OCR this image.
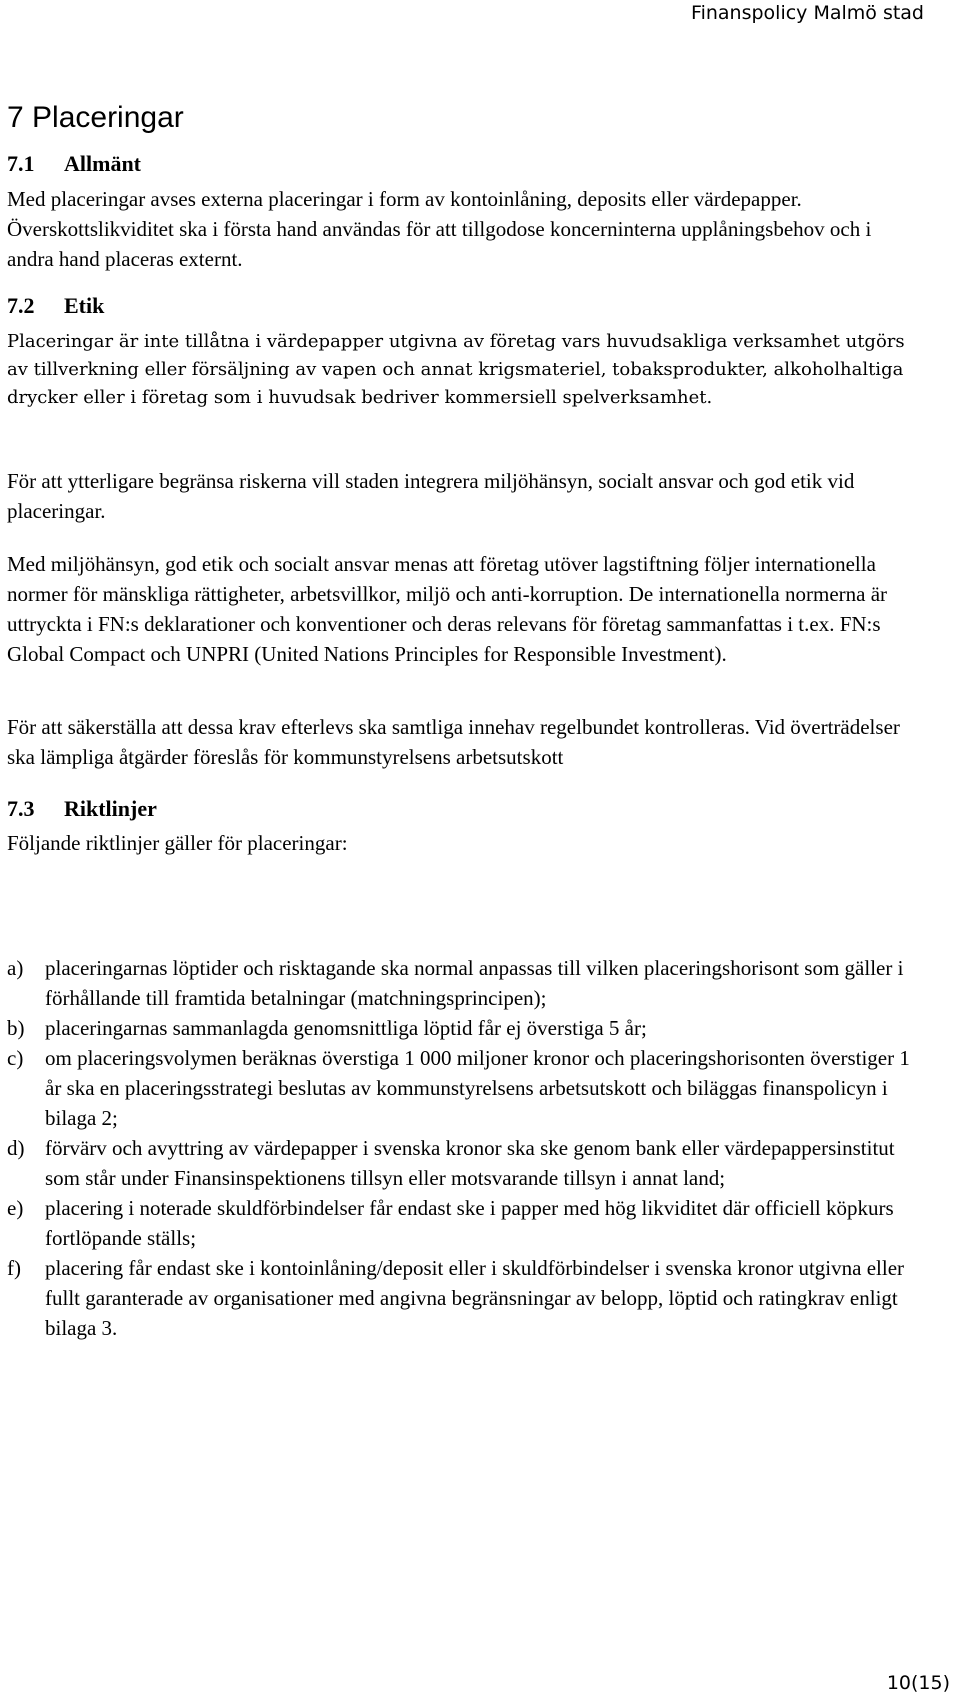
Finanspolicy Malmö stad
7 Placeringar
7.1 Allmänt

Med placeringar avses externa placeringar i form av kontoinlåning, deposits eller värdepapper. Överskottslikviditet ska i första hand användas för att tillgodose koncerninterna upplåningsbehov och i andra hand placeras externt.

7.2 Etik

Placeringar är inte tillåtna i värdepapper utgivna av företag vars huvudsakliga verksamhet utgörs av tillverkning eller försäljning av vapen och annat krigsmateriel, tobaksprodukter, alkoholhaltiga drycker eller i företag som i huvudsak bedriver kommersiell spelverksamhet.

För att ytterligare begränsa riskerna vill staden integrera miljöhänsyn, socialt ansvar och god etik vid placeringar.

Med miljöhänsyn, god etik och socialt ansvar menas att företag utöver lagstiftning följer internationella normer för mänskliga rättigheter, arbetsvillkor, miljö och anti-korruption. De internationella normerna är uttryckta i FN:s deklarationer och konventioner och deras relevans för företag sammanfattas i t.ex. FN:s Global Compact och UNPRI (United Nations Principles for Responsible Investment).

För att säkerställa att dessa krav efterlevs ska samtliga innehav regelbundet kontrolleras. Vid överträdelser ska lämpliga åtgärder föreslås för kommunstyrelsens arbetsutskott

7.3 Riktlinjer

Följande riktlinjer gäller för placeringar:

a) placeringarnas löptider och risktagande ska normal anpassas till vilken placeringshorisont som gäller i förhållande till framtida betalningar (matchningsprincipen);
b) placeringarnas sammanlagda genomsnittliga löptid får ej överstiga 5 år;
c) om placeringsvolymen beräknas överstiga 1 000 miljoner kronor och placeringshorisonten överstiger 1 år ska en placeringsstrategi beslutas av kommunstyrelsens arbetsutskott och biläggas finanspolicyn i bilaga 2;
d) förvärv och avyttring av värdepapper i svenska kronor ska ske genom bank eller värdepappersinstitut som står under Finansinspektionens tillsyn eller motsvarande tillsyn i annat land;
e) placering i noterade skuldförbindelser får endast ske i papper med hög likviditet där officiell köpkurs fortlöpande ställs;
f) placering får endast ske i kontoinlåning/deposit eller i skuldförbindelser i svenska kronor utgivna eller fullt garanterade av organisationer med angivna begränsningar av belopp, löptid och ratingkrav enligt bilaga 3.
10(15)
